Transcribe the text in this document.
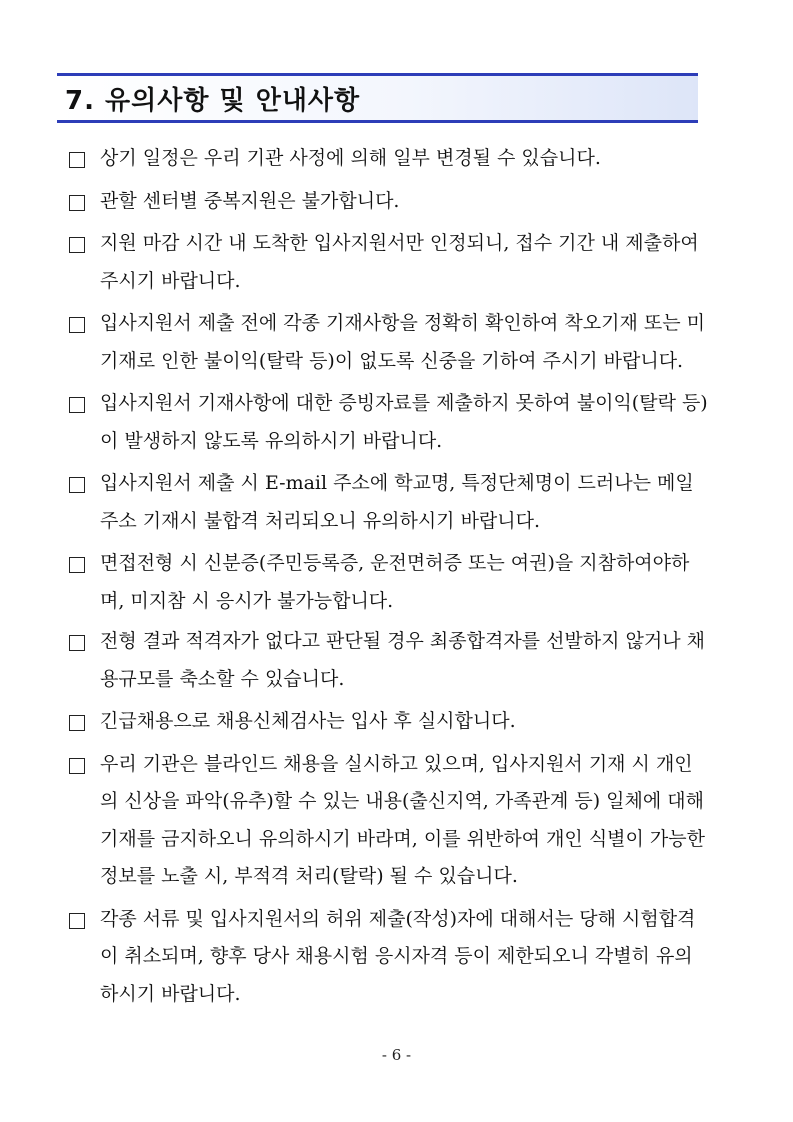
7. 유의사항 및 안내사항
상기 일정은 우리 기관 사정에 의해 일부 변경될 수 있습니다.
관할 센터별 중복지원은 불가합니다.
지원 마감 시간 내 도착한 입사지원서만 인정되니, 접수 기간 내 제출하여 주시기 바랍니다.
입사지원서 제출 전에 각종 기재사항을 정확히 확인하여 착오기재 또는 미기재로 인한 불이익(탈락 등)이 없도록 신중을 기하여 주시기 바랍니다.
입사지원서 기재사항에 대한 증빙자료를 제출하지 못하여 불이익(탈락 등)이 발생하지 않도록 유의하시기 바랍니다.
입사지원서 제출 시 E-mail 주소에 학교명, 특정단체명이 드러나는 메일주소 기재시 불합격 처리되오니 유의하시기 바랍니다.
면접전형 시 신분증(주민등록증, 운전면허증 또는 여권)을 지참하여야하며, 미지참 시 응시가 불가능합니다.
전형 결과 적격자가 없다고 판단될 경우 최종합격자를 선발하지 않거나 채용규모를 축소할 수 있습니다.
긴급채용으로 채용신체검사는 입사 후 실시합니다.
우리 기관은 블라인드 채용을 실시하고 있으며, 입사지원서 기재 시 개인의 신상을 파악(유추)할 수 있는 내용(출신지역, 가족관계 등) 일체에 대해 기재를 금지하오니 유의하시기 바라며, 이를 위반하여 개인 식별이 가능한 정보를 노출 시, 부적격 처리(탈락) 될 수 있습니다.
각종 서류 및 입사지원서의 허위 제출(작성)자에 대해서는 당해 시험합격이 취소되며, 향후 당사 채용시험 응시자격 등이 제한되오니 각별히 유의하시기 바랍니다.
- 6 -
